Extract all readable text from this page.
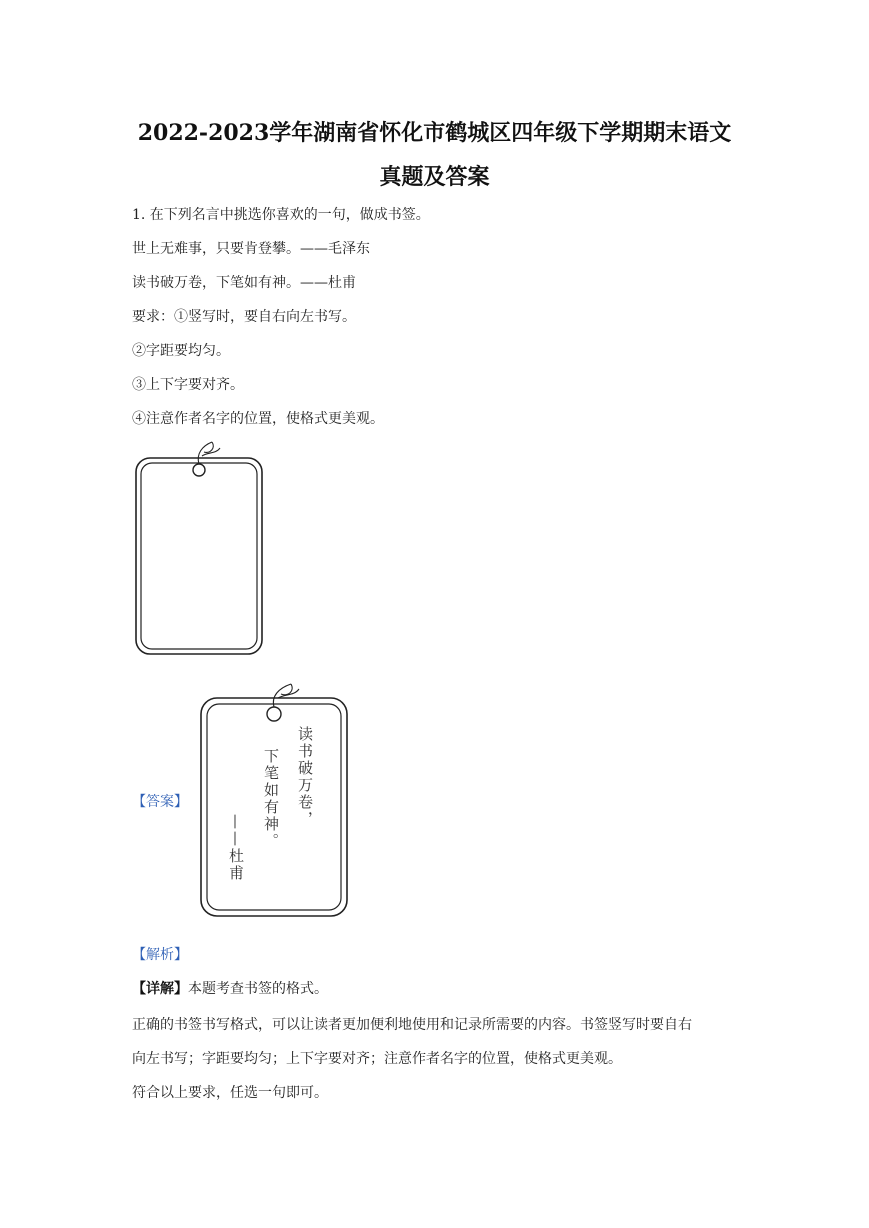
2022-2023学年湖南省怀化市鹤城区四年级下学期期末语文
真题及答案
1. 在下列名言中挑选你喜欢的一句，做成书签。
世上无难事，只要肯登攀。——毛泽东
读书破万卷，下笔如有神。——杜甫
要求：①竖写时，要自右向左书写。
②字距要均匀。
③上下字要对齐。
④注意作者名字的位置，使格式更美观。
【答案】	读书破万卷，
下笔如有神。
——杜甫
【解析】
【详解】本题考查书签的格式。
正确的书签书写格式，可以让读者更加便利地使用和记录所需要的内容。书签竖写时要自右
向左书写；字距要均匀；上下字要对齐；注意作者名字的位置，使格式更美观。
符合以上要求，任选一句即可。
